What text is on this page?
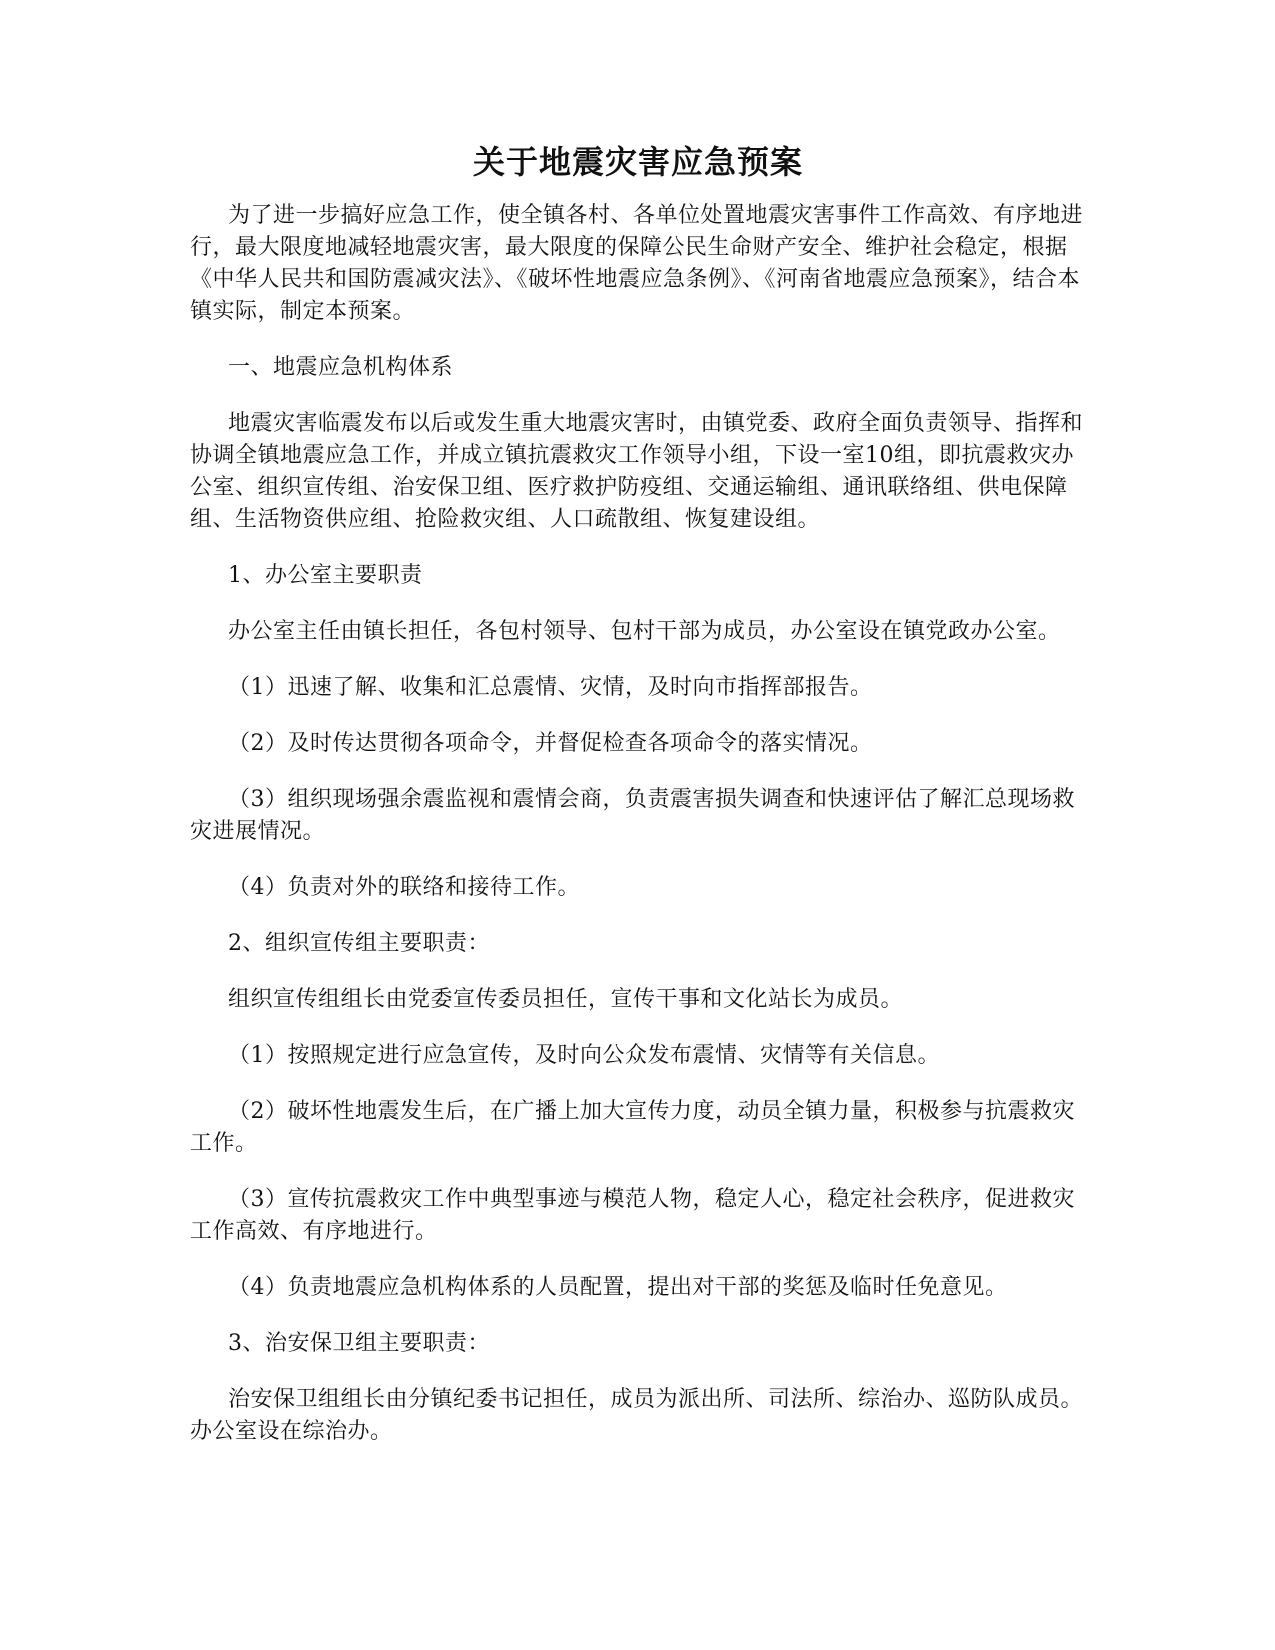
关于地震灾害应急预案

为了进一步搞好应急工作，使全镇各村、各单位处置地震灾害事件工作高效、有序地进行，最大限度地减轻地震灾害，最大限度的保障公民生命财产安全、维护社会稳定，根据《中华人民共和国防震减灾法》、《破坏性地震应急条例》、《河南省地震应急预案》，结合本镇实际，制定本预案。

一、地震应急机构体系

地震灾害临震发布以后或发生重大地震灾害时，由镇党委、政府全面负责领导、指挥和协调全镇地震应急工作，并成立镇抗震救灾工作领导小组，下设一室10组，即抗震救灾办公室、组织宣传组、治安保卫组、医疗救护防疫组、交通运输组、通讯联络组、供电保障组、生活物资供应组、抢险救灾组、人口疏散组、恢复建设组。

1、办公室主要职责

办公室主任由镇长担任，各包村领导、包村干部为成员，办公室设在镇党政办公室。

（1）迅速了解、收集和汇总震情、灾情，及时向市指挥部报告。

（2）及时传达贯彻各项命令，并督促检查各项命令的落实情况。

（3）组织现场强余震监视和震情会商，负责震害损失调查和快速评估了解汇总现场救灾进展情况。

（4）负责对外的联络和接待工作。

2、组织宣传组主要职责：

组织宣传组组长由党委宣传委员担任，宣传干事和文化站长为成员。

（1）按照规定进行应急宣传，及时向公众发布震情、灾情等有关信息。

（2）破坏性地震发生后，在广播上加大宣传力度，动员全镇力量，积极参与抗震救灾工作。

（3）宣传抗震救灾工作中典型事迹与模范人物，稳定人心，稳定社会秩序，促进救灾工作高效、有序地进行。

（4）负责地震应急机构体系的人员配置，提出对干部的奖惩及临时任免意见。

3、治安保卫组主要职责：

治安保卫组组长由分镇纪委书记担任，成员为派出所、司法所、综治办、巡防队成员。办公室设在综治办。
